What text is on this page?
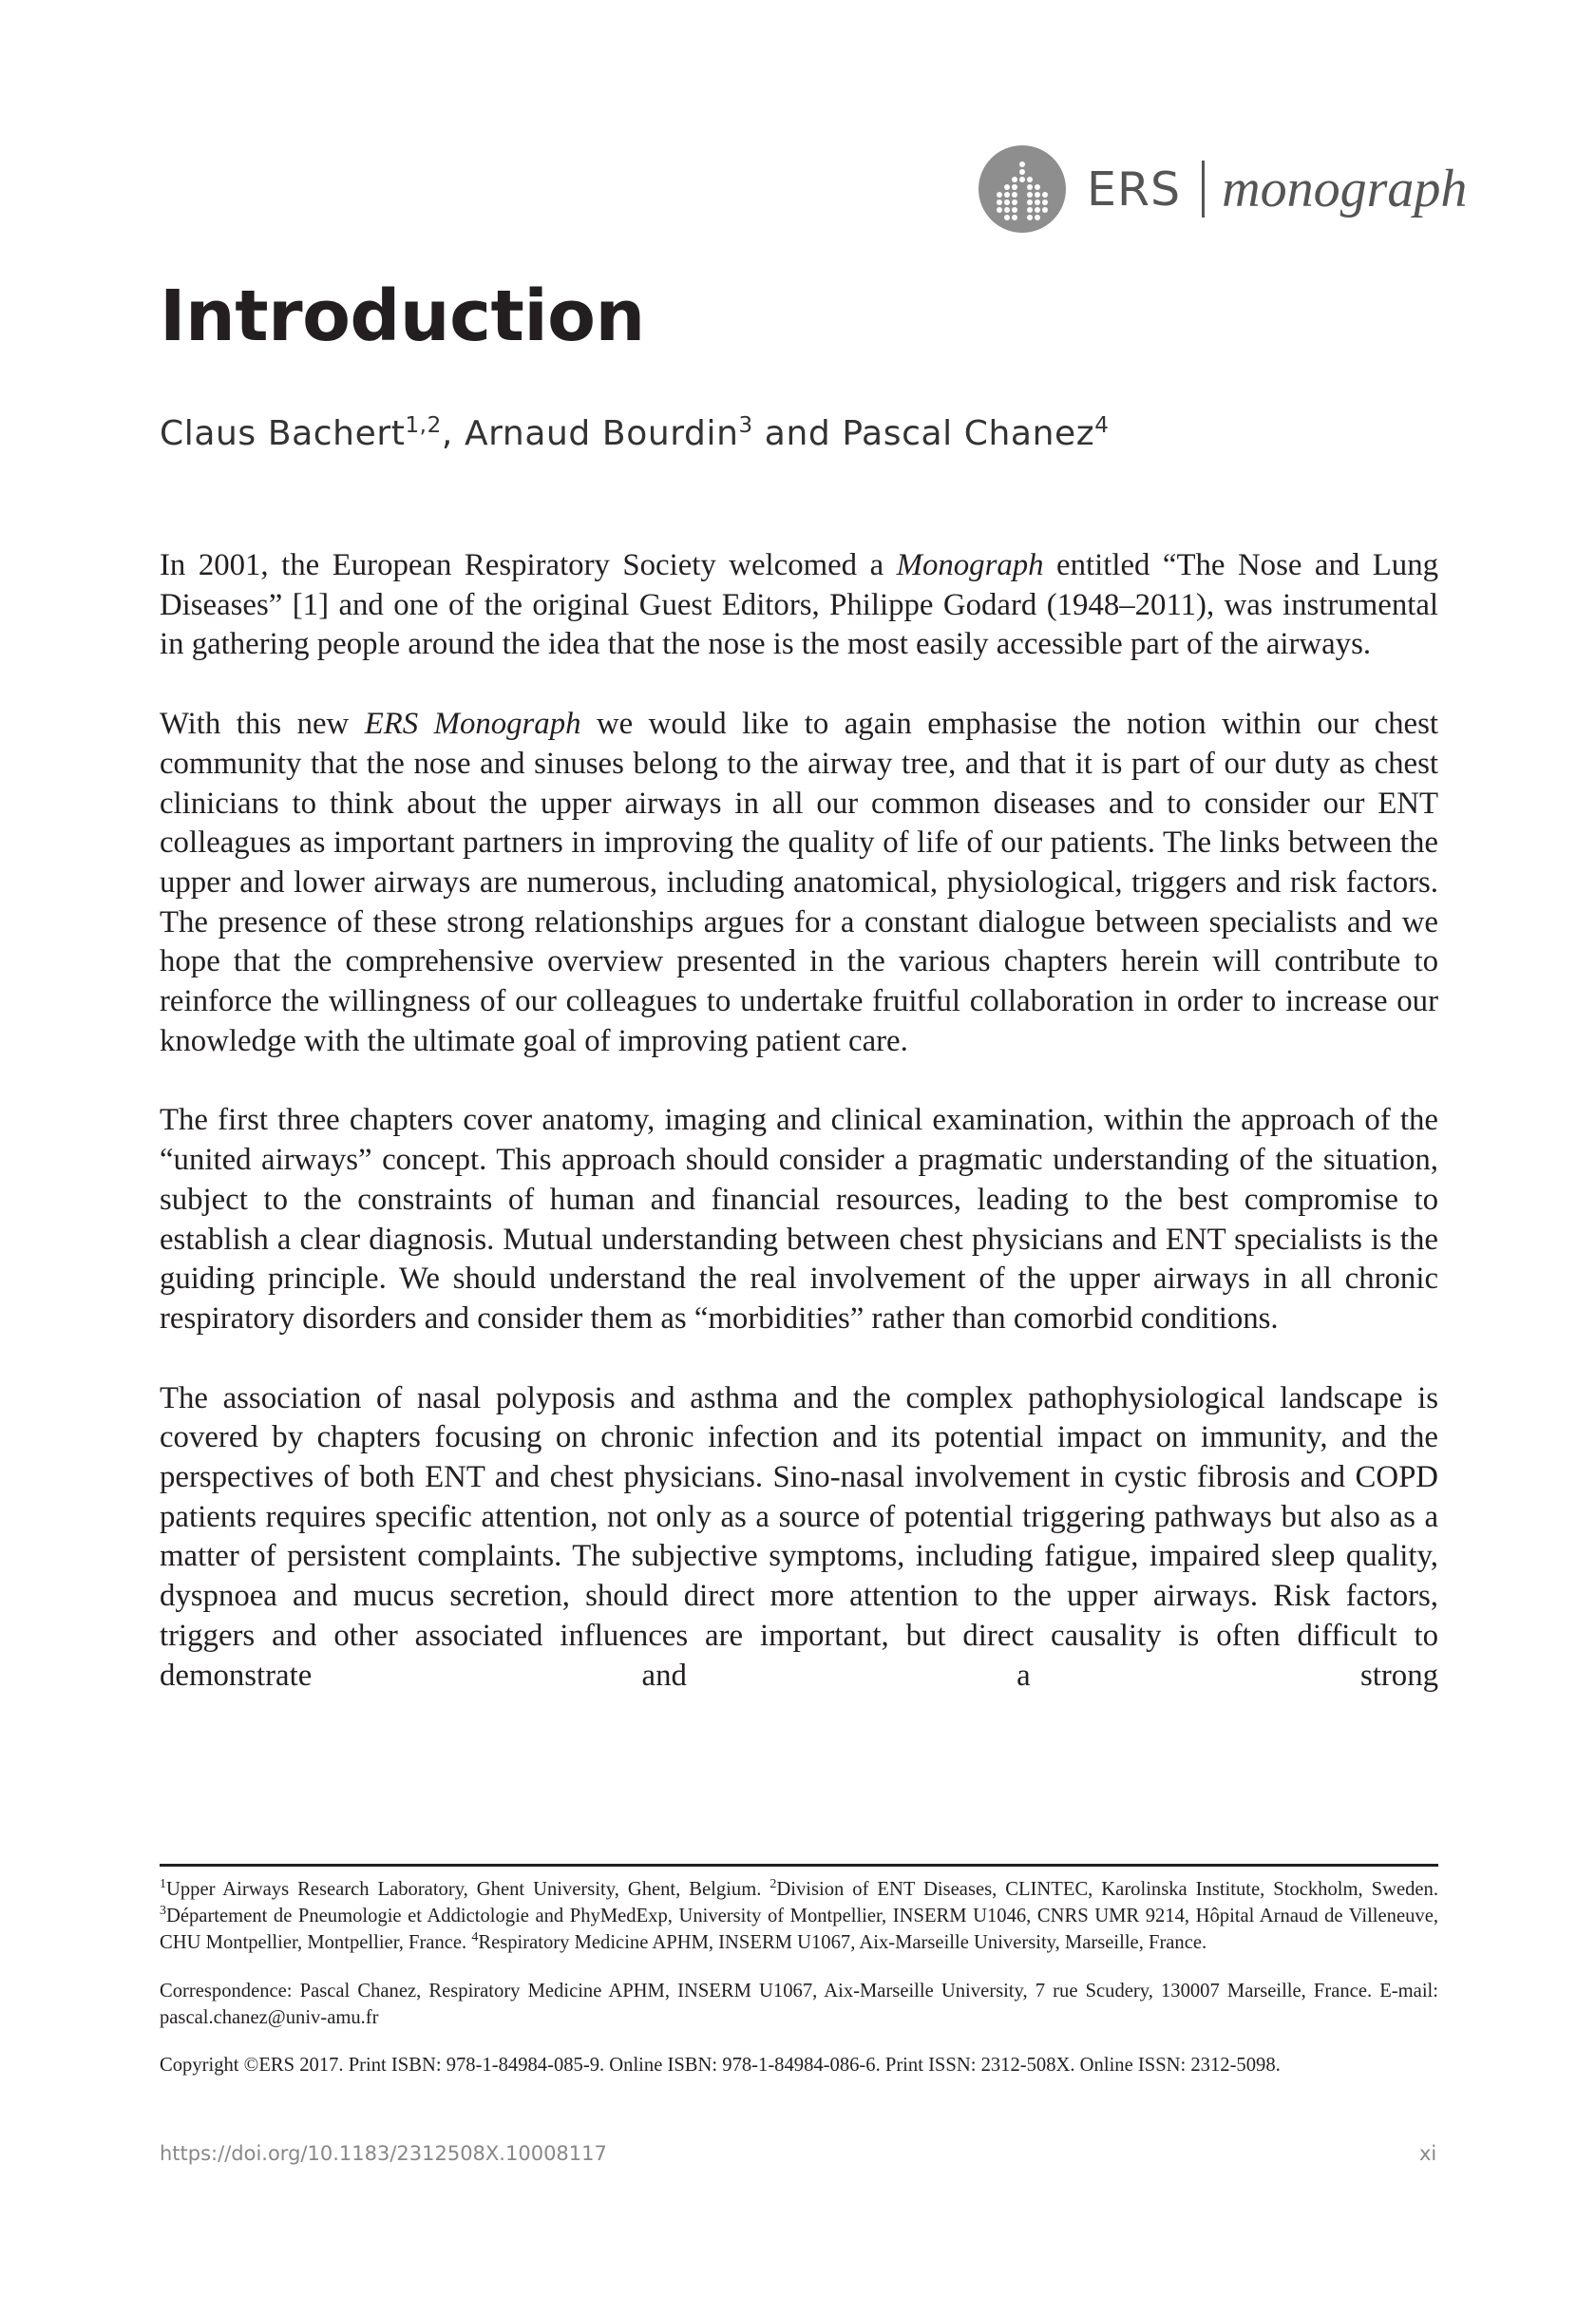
ERS monograph
Introduction
Claus Bachert$^{1,2}$, Arnaud Bourdin$^3$ and Pascal Chanez$^4$

In 2001, the European Respiratory Society welcomed a Monograph entitled “The Nose and Lung Diseases” [1] and one of the original Guest Editors, Philippe Godard (1948–2011), was instrumental in gathering people around the idea that the nose is the most easily accessible part of the airways.

With this new ERS Monograph we would like to again emphasise the notion within our chest community that the nose and sinuses belong to the airway tree, and that it is part of our duty as chest clinicians to think about the upper airways in all our common diseases and to consider our ENT colleagues as important partners in improving the quality of life of our patients. The links between the upper and lower airways are numerous, including anatomical, physiological, triggers and risk factors. The presence of these strong relationships argues for a constant dialogue between specialists and we hope that the comprehensive overview presented in the various chapters herein will contribute to reinforce the willingness of our colleagues to undertake fruitful collaboration in order to increase our knowledge with the ultimate goal of improving patient care.

The first three chapters cover anatomy, imaging and clinical examination, within the approach of the “united airways” concept. This approach should consider a pragmatic understanding of the situation, subject to the constraints of human and financial resources, leading to the best compromise to establish a clear diagnosis. Mutual understanding between chest physicians and ENT specialists is the guiding principle. We should understand the real involvement of the upper airways in all chronic respiratory disorders and consider them as “morbidities” rather than comorbid conditions.

The association of nasal polyposis and asthma and the complex pathophysiological landscape is covered by chapters focusing on chronic infection and its potential impact on immunity, and the perspectives of both ENT and chest physicians. Sino-nasal involvement in cystic fibrosis and COPD patients requires specific attention, not only as a source of potential triggering pathways but also as a matter of persistent complaints. The subjective symptoms, including fatigue, impaired sleep quality, dyspnoea and mucus secretion, should direct more attention to the upper airways. Risk factors, triggers and other associated influences are important, but direct causality is often difficult to demonstrate and a strong

$^1$Upper Airways Research Laboratory, Ghent University, Ghent, Belgium. $^2$Division of ENT Diseases, CLINTEC, Karolinska Institute, Stockholm, Sweden. $^3$Département de Pneumologie et Addictologie and PhyMedExp, University of Montpellier, INSERM U1046, CNRS UMR 9214, Hôpital Arnaud de Villeneuve, CHU Montpellier, Montpellier, France. $^4$Respiratory Medicine APHM, INSERM U1067, Aix-Marseille University, Marseille, France.
Correspondence: Pascal Chanez, Respiratory Medicine APHM, INSERM U1067, Aix-Marseille University, 7 rue Scudery, 130007 Marseille, France. E-mail: pascal.chanez@univ-amu.fr
Copyright ©ERS 2017. Print ISBN: 978-1-84984-085-9. Online ISBN: 978-1-84984-086-6. Print ISSN: 2312-508X. Online ISSN: 2312-5098.
https://doi.org/10.1183/2312508X.10008117	xi
